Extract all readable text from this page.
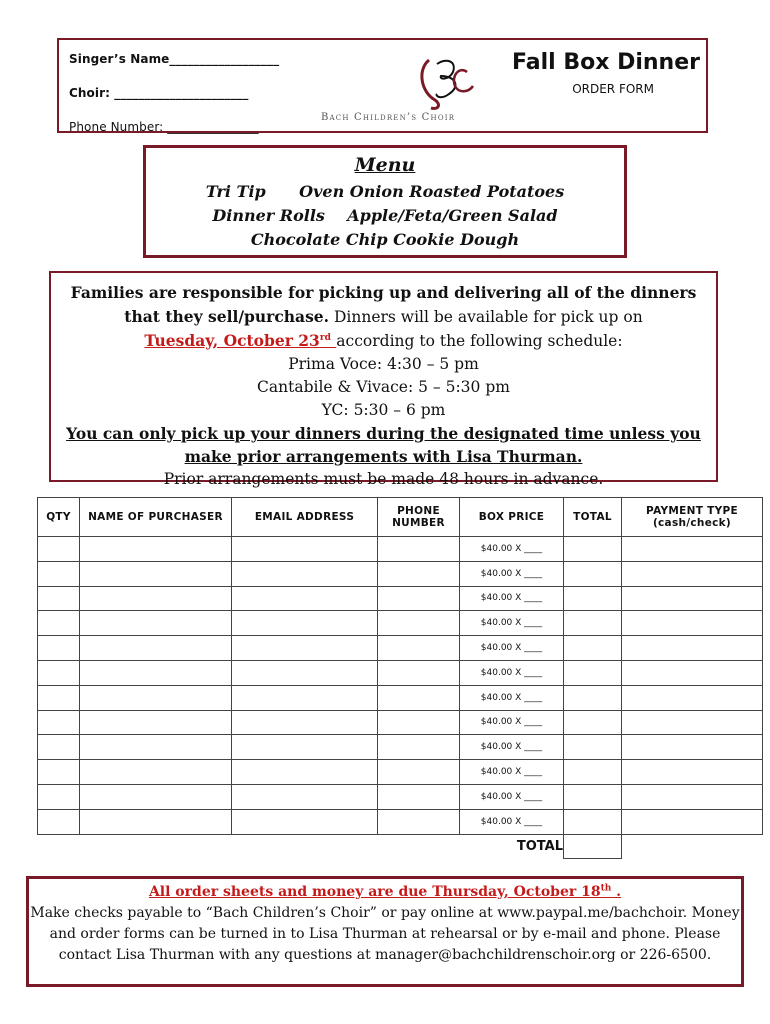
Singer’s Name__________________
Choir: ______________________
Phone Number: _______________
Bach Children’s Choir
Fall Box Dinner
ORDER FORM
Menu
Tri Tip      Oven Onion Roasted Potatoes
Dinner Rolls    Apple/Feta/Green Salad
Chocolate Chip Cookie Dough

Families are responsible for picking up and delivering all of the dinners that they sell/purchase. Dinners will be available for pick up on
Tuesday, October 23rd according to the following schedule:

Prima Voce: 4:30 – 5 pm

Cantabile & Vivace: 5 – 5:30 pm

YC: 5:30 – 6 pm

You can only pick up your dinners during the designated time unless you make prior arrangements with Lisa Thurman.

Prior arrangements must be made 48 hours in advance.

QTY	NAME OF PURCHASER	EMAIL ADDRESS	PHONE NUMBER	BOX PRICE	TOTAL	PAYMENT TYPE (cash/check)
				$40.00 X ____		
				$40.00 X ____		
				$40.00 X ____		
				$40.00 X ____		
				$40.00 X ____		
				$40.00 X ____		
				$40.00 X ____		
				$40.00 X ____		
				$40.00 X ____		
				$40.00 X ____		
				$40.00 X ____		
				$40.00 X ____		
				TOTAL		

All order sheets and money are due Thursday, October 18th .

Make checks payable to “Bach Children’s Choir” or pay online at www.paypal.me/bachchoir. Money and order forms can be turned in to Lisa Thurman at rehearsal or by e-mail and phone. Please contact Lisa Thurman with any questions at manager@bachchildrenschoir.org or 226-6500.
